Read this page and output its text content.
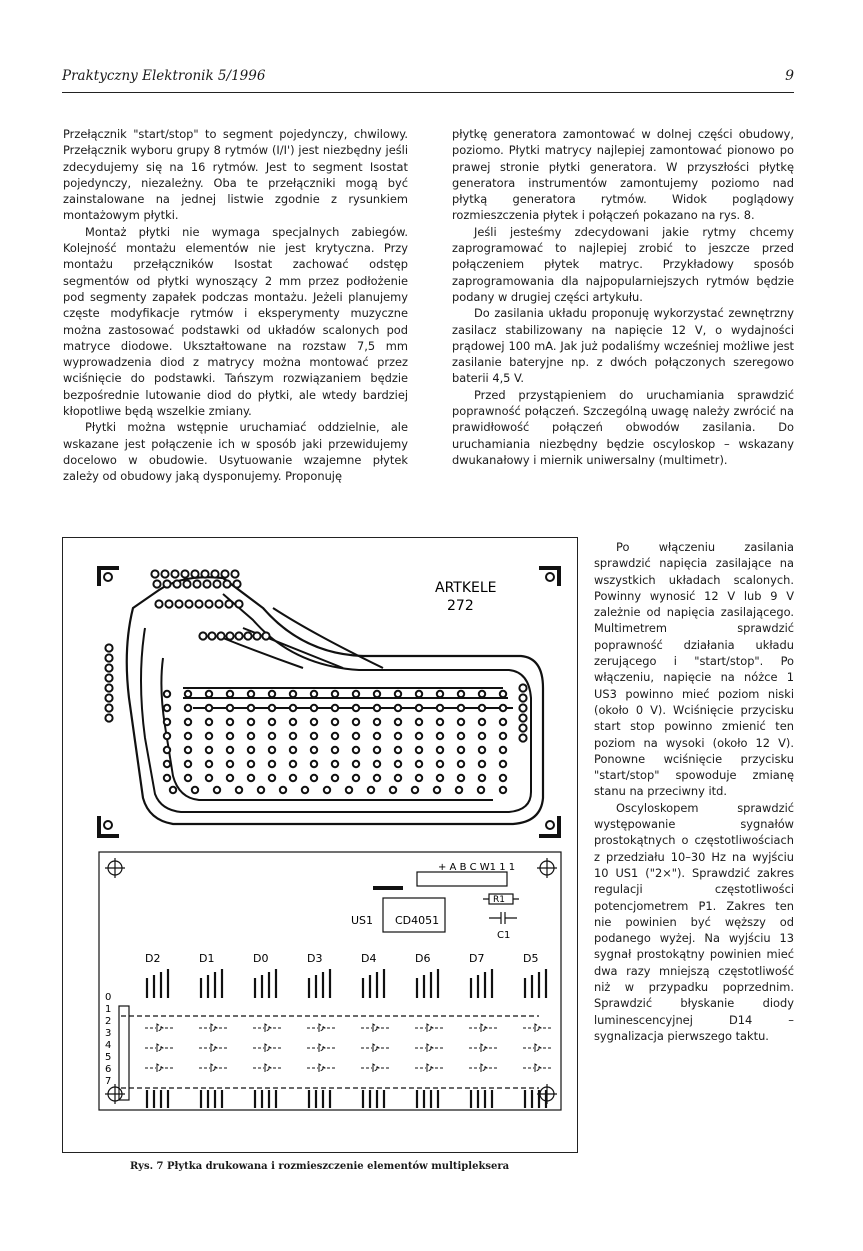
Praktyczny Elektronik 5/1996	9

Przełącznik "start/stop" to segment pojedynczy, chwilowy. Przełącznik wyboru grupy 8 rytmów (I/I') jest niezbędny jeśli zdecydujemy się na 16 rytmów. Jest to segment Isostat pojedynczy, niezależny. Oba te przełączniki mogą być zainstalowane na jednej listwie zgodnie z rysunkiem montażowym płytki.

Montaż płytki nie wymaga specjalnych zabiegów. Kolejność montażu elementów nie jest krytyczna. Przy montażu przełączników Isostat zachować odstęp segmentów od płytki wynoszący 2 mm przez podłożenie pod segmenty zapałek podczas montażu. Jeżeli planujemy częste modyfikacje rytmów i eksperymenty muzyczne można zastosować podstawki od układów scalonych pod matryce diodowe. Ukształtowane na rozstaw 7,5 mm wyprowadzenia diod z matrycy można montować przez wciśnięcie do podstawki. Tańszym rozwiązaniem będzie bezpośrednie lutowanie diod do płytki, ale wtedy bardziej kłopotliwe będą wszelkie zmiany.

Płytki można wstępnie uruchamiać oddzielnie, ale wskazane jest połączenie ich w sposób jaki przewidujemy docelowo w obudowie. Usytuowanie wzajemne płytek zależy od obudowy jaką dysponujemy. Proponuję

płytkę generatora zamontować w dolnej części obudowy, poziomo. Płytki matrycy najlepiej zamontować pionowo po prawej stronie płytki generatora. W przyszłości płytkę generatora instrumentów zamontujemy poziomo nad płytką generatora rytmów. Widok poglądowy rozmieszczenia płytek i połączeń pokazano na rys. 8.

Jeśli jesteśmy zdecydowani jakie rytmy chcemy zaprogramować to najlepiej zrobić to jeszcze przed połączeniem płytek matryc. Przykładowy sposób zaprogramowania dla najpopularniejszych rytmów będzie podany w drugiej części artykułu.

Do zasilania układu proponuję wykorzystać zewnętrzny zasilacz stabilizowany na napięcie 12 V, o wydajności prądowej 100 mA. Jak już podaliśmy wcześniej możliwe jest zasilanie bateryjne np. z dwóch połączonych szeregowo baterii 4,5 V.

Przed przystąpieniem do uruchamiania sprawdzić poprawność połączeń. Szczególną uwagę należy zwrócić na prawidłowość połączeń obwodów zasilania. Do uruchamiania niezbędny będzie oscyloskop – wskazany dwukanałowy i miernik uniwersalny (multimetr).

Po włączeniu zasilania sprawdzić napięcia zasilające na wszystkich układach scalonych. Powinny wynosić 12 V lub 9 V zależnie od napięcia zasilającego. Multimetrem sprawdzić poprawność działania układu zerującego i "start/stop". Po włączeniu, napięcie na nóżce 1 US3 powinno mieć poziom niski (około 0 V). Wciśnięcie przycisku start stop powinno zmienić ten poziom na wysoki (około 12 V). Ponowne wciśnięcie przycisku "start/stop" spowoduje zmianę stanu na przeciwny itd.

Oscyloskopem sprawdzić występowanie sygnałów prostokątnych o częstotliwościach z przedziału 10–30 Hz na wyjściu 10 US1 ("2×"). Sprawdzić zakres regulacji częstotliwości potencjometrem P1. Zakres ten nie powinien być węższy od podanego wyżej. Na wyjściu 13 sygnał prostokątny powinien mieć dwa razy mniejszą częstotliwość niż w przypadku poprzednim. Sprawdzić błyskanie diody luminescencyjnej D14 – sygnalizacja pierwszego taktu.

ARTKELE
272
+ A B C W1 1 1
R1
US1 CD4051
C1
D2	D1	D0	D3	D4	D6	D7	D5
0
1
2
3
4
5
6
7
Rys. 7 Płytka drukowana i rozmieszczenie elementów multipleksera
